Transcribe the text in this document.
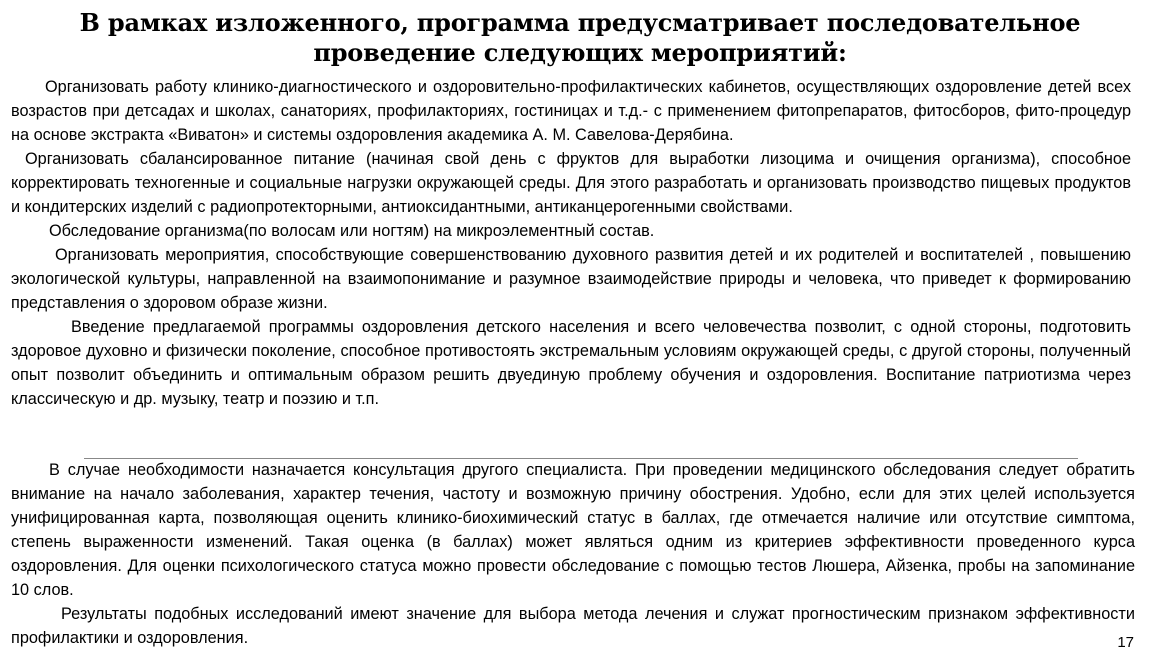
В рамках изложенного, программа предусматривает последовательное проведение следующих мероприятий:

Организовать работу клинико-диагностического и оздоровительно-профилактических кабинетов, осуществляющих оздоровление детей всех возрастов при детсадах и школах, санаториях, профилакториях, гостиницах и т.д.- с применением фитопрепаратов, фитосборов, фито-процедур на основе экстракта «Виватон» и системы оздоровления академика А. М. Савелова-Дерябина.

Организовать сбалансированное питание (начиная свой день с фруктов для выработки лизоцима и очищения организма), способное корректировать техногенные и социальные нагрузки окружающей среды. Для этого разработать и организовать производство пищевых продуктов и кондитерских изделий с радиопротекторными, антиоксидантными, антиканцерогенными свойствами.

Обследование организма(по волосам или ногтям) на микроэлементный состав.

Организовать мероприятия, способствующие совершенствованию духовного развития детей и их родителей и воспитателей , повышению экологической культуры, направленной на взаимопонимание и разумное взаимодействие природы и человека, что приведет к формированию представления о здоровом образе жизни.

Введение предлагаемой программы оздоровления детского населения и всего человечества позволит, с одной стороны, подготовить здоровое духовно и физически поколение, способное противостоять экстремальным условиям окружающей среды, с другой стороны, полученный опыт позволит объединить и оптимальным образом решить двуединую проблему обучения и оздоровления. Воспитание патриотизма через классическую и др. музыку, театр и поэзию и т.п.

В случае необходимости назначается консультация другого специалиста. При проведении медицинского обследования следует обратить внимание на начало заболевания, характер течения, частоту и возможную причину обострения. Удобно, если для этих целей используется унифицированная карта, позволяющая оценить клинико-биохимический статус в баллах, где отмечается наличие или отсутствие симптома, степень выраженности изменений. Такая оценка (в баллах) может являться одним из критериев эффективности проведенного курса оздоровления. Для оценки психологического статуса можно провести обследование с помощью тестов Люшера, Айзенка, пробы на запоминание 10 слов.

Результаты подобных исследований имеют значение для выбора метода лечения и служат прогностическим признаком эффективности профилактики и оздоровления.	17
